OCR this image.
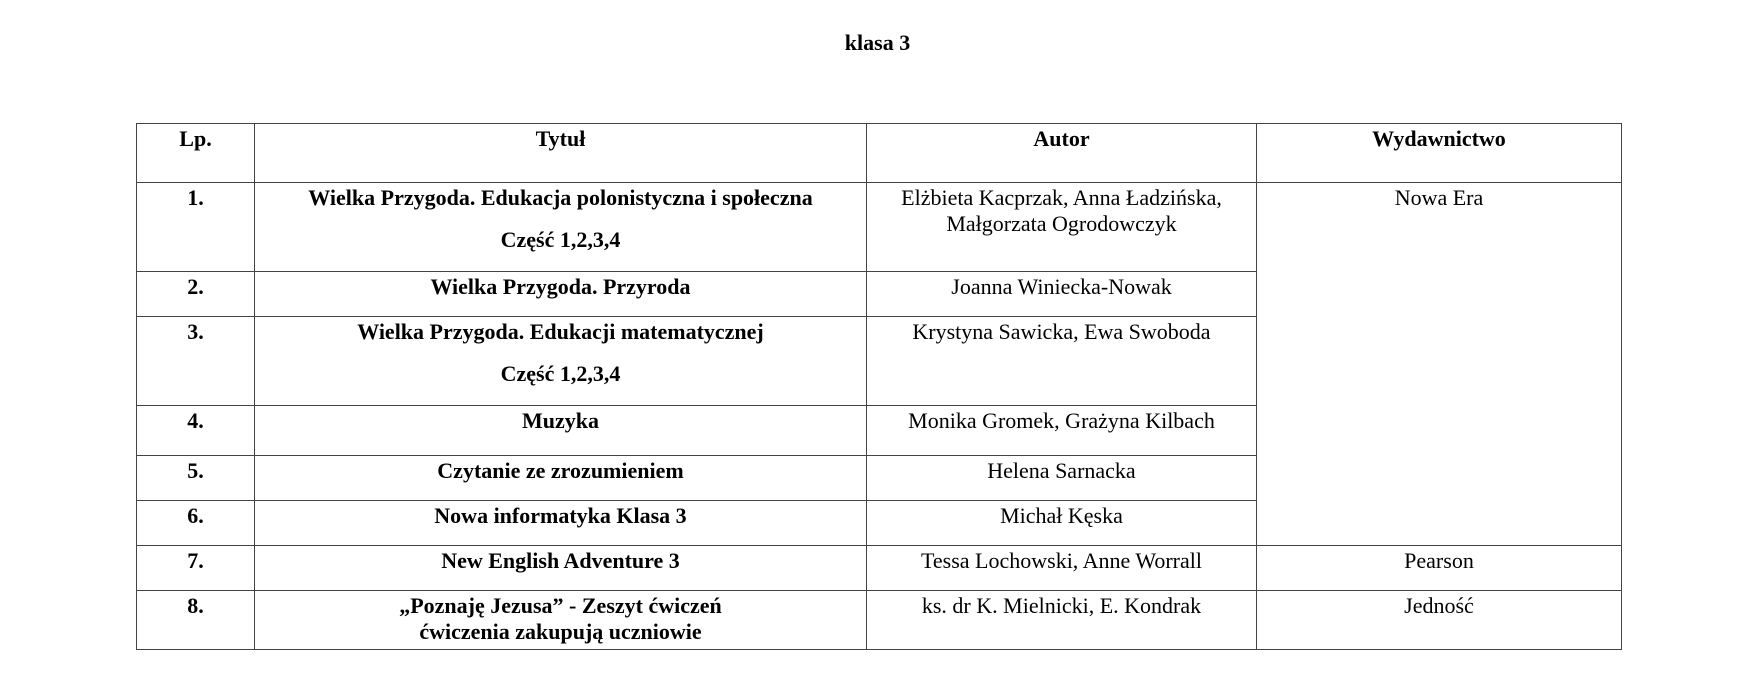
klasa 3
Lp.	Tytuł	Autor	Wydawnictwo
1.	Wielka Przygoda. Edukacja polonistyczna i społeczna
Część 1,2,3,4	Elżbieta Kacprzak, Anna Ładzińska, Małgorzata Ogrodowczyk	Nowa Era
2.	Wielka Przygoda. Przyroda	Joanna Winiecka-Nowak	
3.	Wielka Przygoda. Edukacji matematycznej
Część 1,2,3,4	Krystyna Sawicka, Ewa Swoboda	
4.	Muzyka	Monika Gromek, Grażyna Kilbach	
5.	Czytanie ze zrozumieniem	Helena Sarnacka	
6.	Nowa informatyka Klasa 3	Michał Kęska	
7.	New English Adventure 3	Tessa Lochowski, Anne Worrall	Pearson
8.	„Poznaję Jezusa” - Zeszyt ćwiczeń
ćwiczenia zakupują uczniowie	ks. dr K. Mielnicki, E. Kondrak	Jedność
